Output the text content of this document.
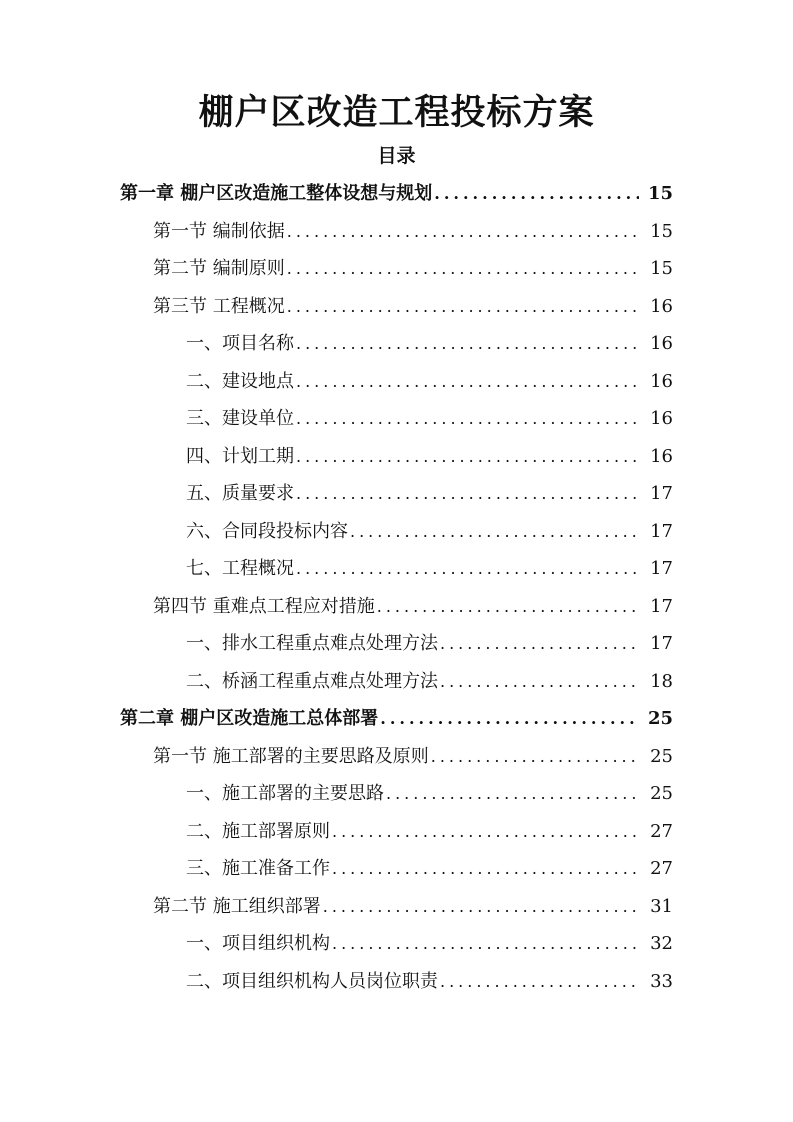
棚户区改造工程投标方案
目录
第一章 棚户区改造施工整体设想与规划 .....	15
第一节 编制依据 .....	15
第二节 编制原则 .....	15
第三节 工程概况 .....	16
一、项目名称 .....	16
二、建设地点 .....	16
三、建设单位 .....	16
四、计划工期 .....	16
五、质量要求 .....	17
六、合同段投标内容 .....	17
七、工程概况 .....	17
第四节 重难点工程应对措施 .....	17
一、排水工程重点难点处理方法 .....	17
二、桥涵工程重点难点处理方法 .....	18
第二章 棚户区改造施工总体部署 .....	25
第一节 施工部署的主要思路及原则 .....	25
一、施工部署的主要思路 .....	25
二、施工部署原则 .....	27
三、施工准备工作 .....	27
第二节 施工组织部署 .....	31
一、项目组织机构 .....	32
二、项目组织机构人员岗位职责 .....	33
